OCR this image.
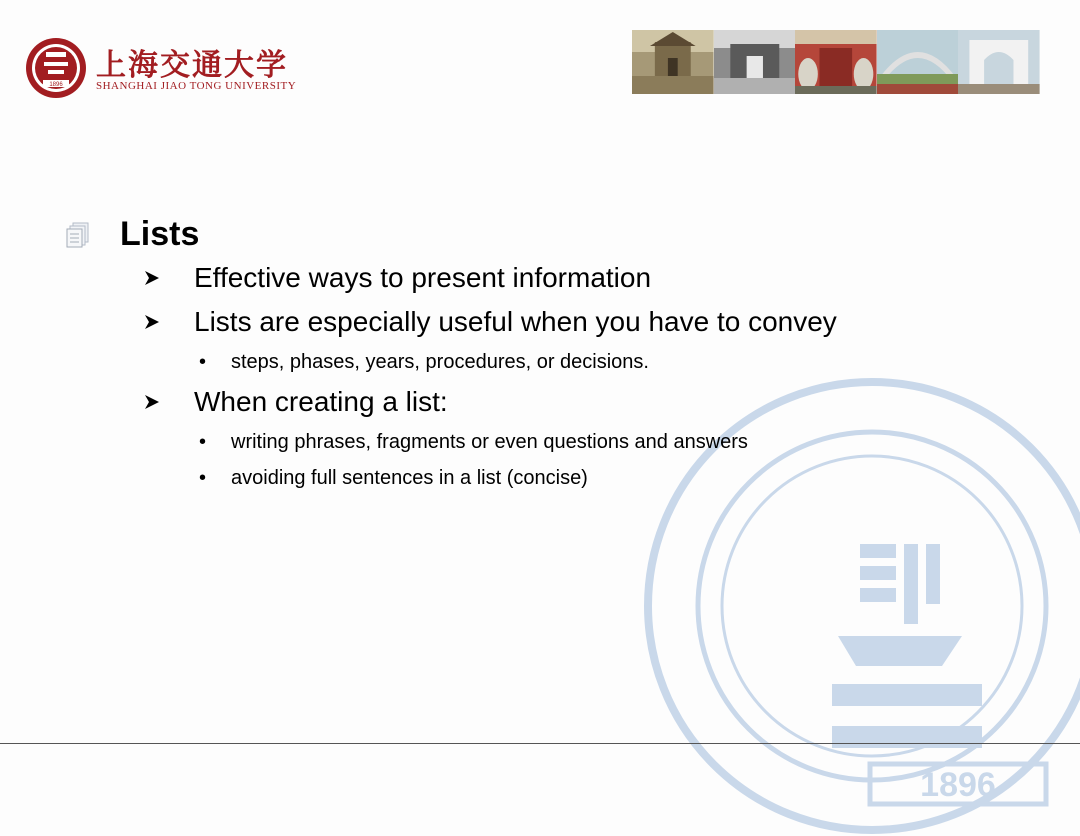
1896
上海交通大学
SHANGHAI JIAO TONG UNIVERSITY
1896
Lists
Effective ways to present information
Lists are especially useful when you have to convey
• steps, phases, years, procedures, or decisions.
When creating a list:
• writing phrases, fragments or even questions and answers
• avoiding full sentences in a list (concise)
